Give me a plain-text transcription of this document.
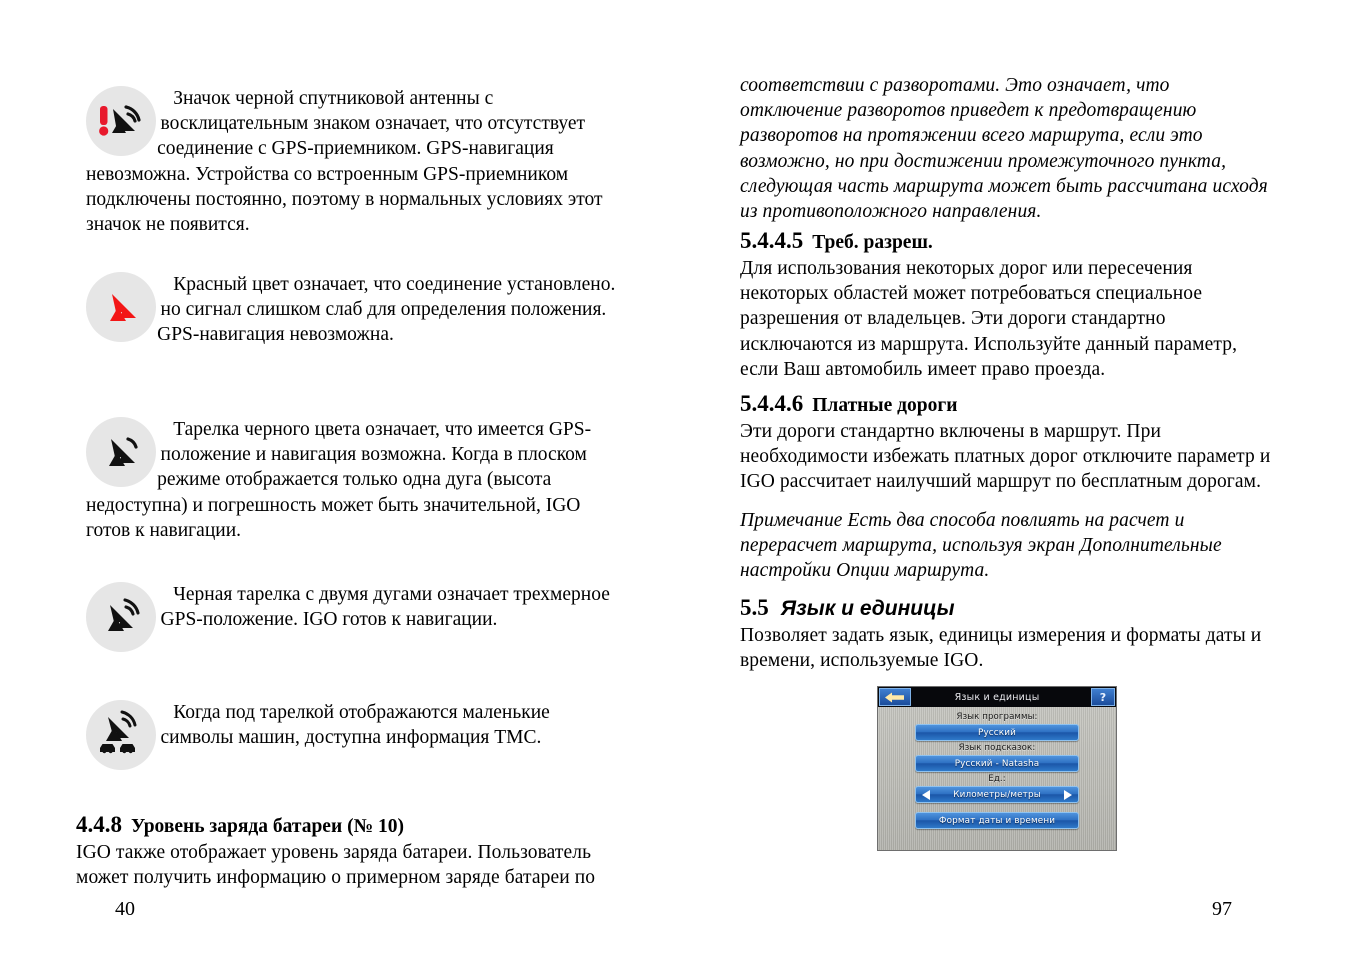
Значок черной спутниковой антенны с восклицательным знаком означает, что отсутствует соединение с GPS-приемником. GPS-навигация невозможна. Устройства со встроенным GPS-приемником подключены постоянно, поэтому в нормальных условиях этот значок не появится.
Красный цвет означает, что соединение установлено. но сигнал слишком слаб для определения положения. GPS-навигация невозможна.
Тарелка черного цвета означает, что имеется GPS- положение и навигация возможна. Когда в плоском режиме отображается только одна дуга (высота недоступна) и погрешность может быть значительной, IGO готов к навигации.
Черная тарелка с двумя дугами означает трехмерное GPS-положение. IGO готов к навигации.
Когда под тарелкой отображаются маленькие символы машин, доступна информация TMC.
4.4.8 Уровень заряда батареи (№ 10)

IGO также отображает уровень заряда батареи. Пользователь может получить информацию о примерном заряде батареи по

40

соответствии с разворотами. Это означает, что отключение разворотов приведет к предотвращению разворотов на протяжении всего маршрута, если это возможно, но при достижении промежуточного пункта, следующая часть маршрута может быть рассчитана исходя из противоположного направления.

5.4.4.5 Треб. разреш.

Для использования некоторых дорог или пересечения некоторых областей может потребоваться специальное разрешения от владельцев. Эти дороги стандартно исключаются из маршрута. Используйте данный параметр, если Ваш автомобиль имеет право проезда.

5.4.4.6 Платные дороги

Эти дороги стандартно включены в маршрут. При необходимости избежать платных дорог отключите параметр и IGO рассчитает наилучший маршрут по бесплатным дорогам.

Примечание Есть два способа повлиять на расчет и перерасчет маршрута, используя экран Дополнительные настройки Опции маршрута.

5.5 Язык и единицы

Позволяет задать язык, единицы измерения и форматы даты и времени, используемые IGO.

97
Язык и единицы	?
Язык программы:
Русский
Язык подсказок:
Русский - Natasha
Ед.:
Километры/метры
Формат даты и времени
